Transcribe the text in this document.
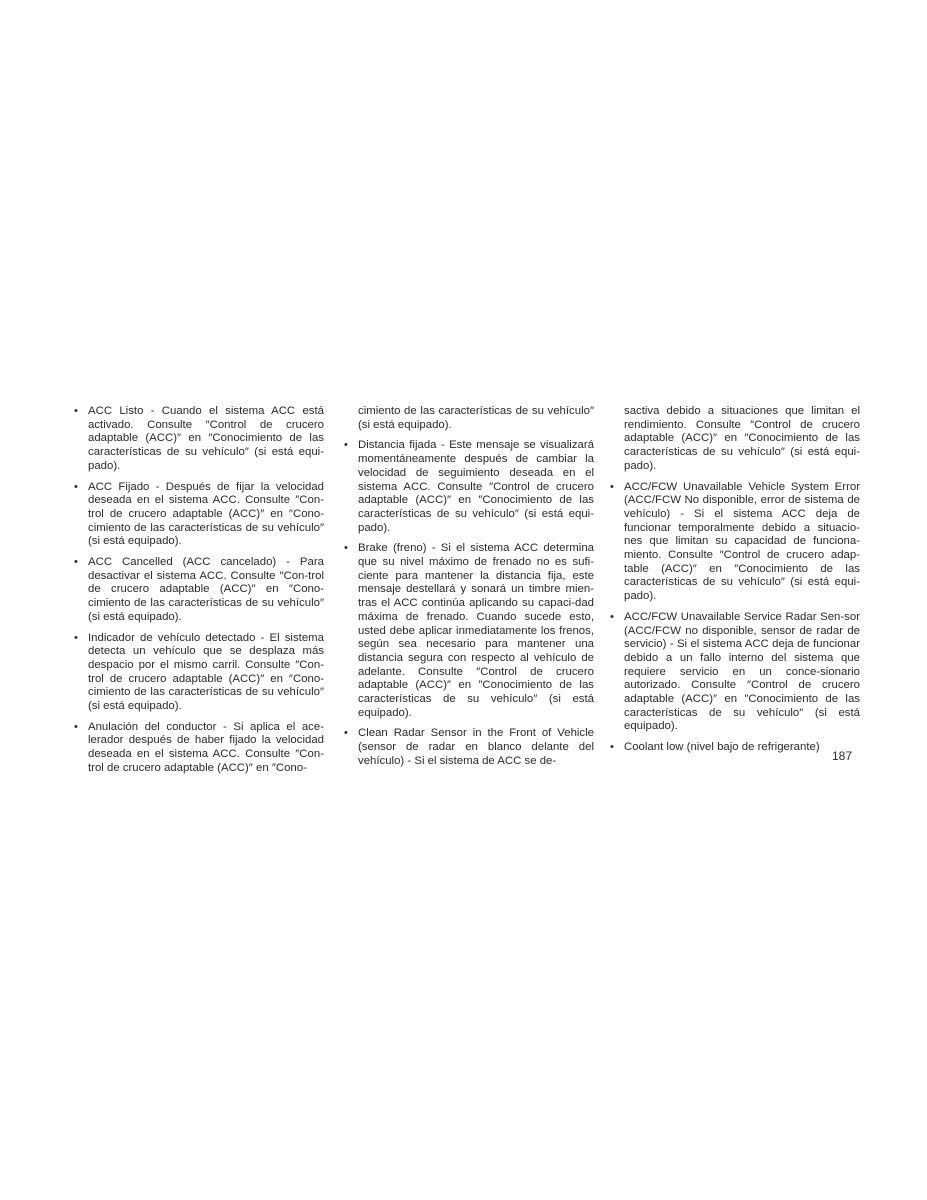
• ACC Listo - Cuando el sistema ACC está activado. Consulte ″Control de crucero adaptable (ACC)″ en ″Conocimiento de las características de su vehículo″ (si está equi-pado).

• ACC Fijado - Después de fijar la velocidad deseada en el sistema ACC. Consulte ″Con-trol de crucero adaptable (ACC)″ en ″Cono-cimiento de las características de su vehículo″ (si está equipado).

• ACC Cancelled (ACC cancelado) - Para desactivar el sistema ACC. Consulte ″Con-trol de crucero adaptable (ACC)″ en ″Cono-cimiento de las características de su vehículo″ (si está equipado).

• Indicador de vehículo detectado - El sistema detecta un vehículo que se desplaza más despacio por el mismo carril. Consulte ″Con-trol de crucero adaptable (ACC)″ en ″Cono-cimiento de las características de su vehículo″ (si está equipado).

• Anulación del conductor - Si aplica el ace-lerador después de haber fijado la velocidad deseada en el sistema ACC. Consulte ″Con-trol de crucero adaptable (ACC)″ en ″Cono-

cimiento de las características de su vehículo″ (si está equipado).

• Distancia fijada - Este mensaje se visualizará momentáneamente después de cambiar la velocidad de seguimiento deseada en el sistema ACC. Consulte ″Control de crucero adaptable (ACC)″ en ″Conocimiento de las características de su vehículo″ (si está equi-pado).

• Brake (freno) - Si el sistema ACC determina que su nivel máximo de frenado no es sufi-ciente para mantener la distancia fija, este mensaje destellará y sonará un timbre mien-tras el ACC continúa aplicando su capaci-dad máxima de frenado. Cuando sucede esto, usted debe aplicar inmediatamente los frenos, según sea necesario para mantener una distancia segura con respecto al vehículo de adelante. Consulte ″Control de crucero adaptable (ACC)″ en ″Conocimiento de las características de su vehículo″ (si está equipado).

• Clean Radar Sensor in the Front of Vehicle (sensor de radar en blanco delante del vehículo) - Si el sistema de ACC se de-

sactiva debido a situaciones que limitan el rendimiento. Consulte ″Control de crucero adaptable (ACC)″ en ″Conocimiento de las características de su vehículo″ (si está equi-pado).

• ACC/FCW Unavailable Vehicle System Error (ACC/FCW No disponible, error de sistema de vehículo) - Si el sistema ACC deja de funcionar temporalmente debido a situacio-nes que limitan su capacidad de funciona-miento. Consulte ″Control de crucero adap-table (ACC)″ en ″Conocimiento de las características de su vehículo″ (si está equi-pado).

• ACC/FCW Unavailable Service Radar Sen-sor (ACC/FCW no disponible, sensor de radar de servicio) - Si el sistema ACC deja de funcionar debido a un fallo interno del sistema que requiere servicio en un conce-sionario autorizado. Consulte ″Control de crucero adaptable (ACC)″ en ″Conocimiento de las características de su vehículo″ (si está equipado).

• Coolant low (nivel bajo de refrigerante)

187
